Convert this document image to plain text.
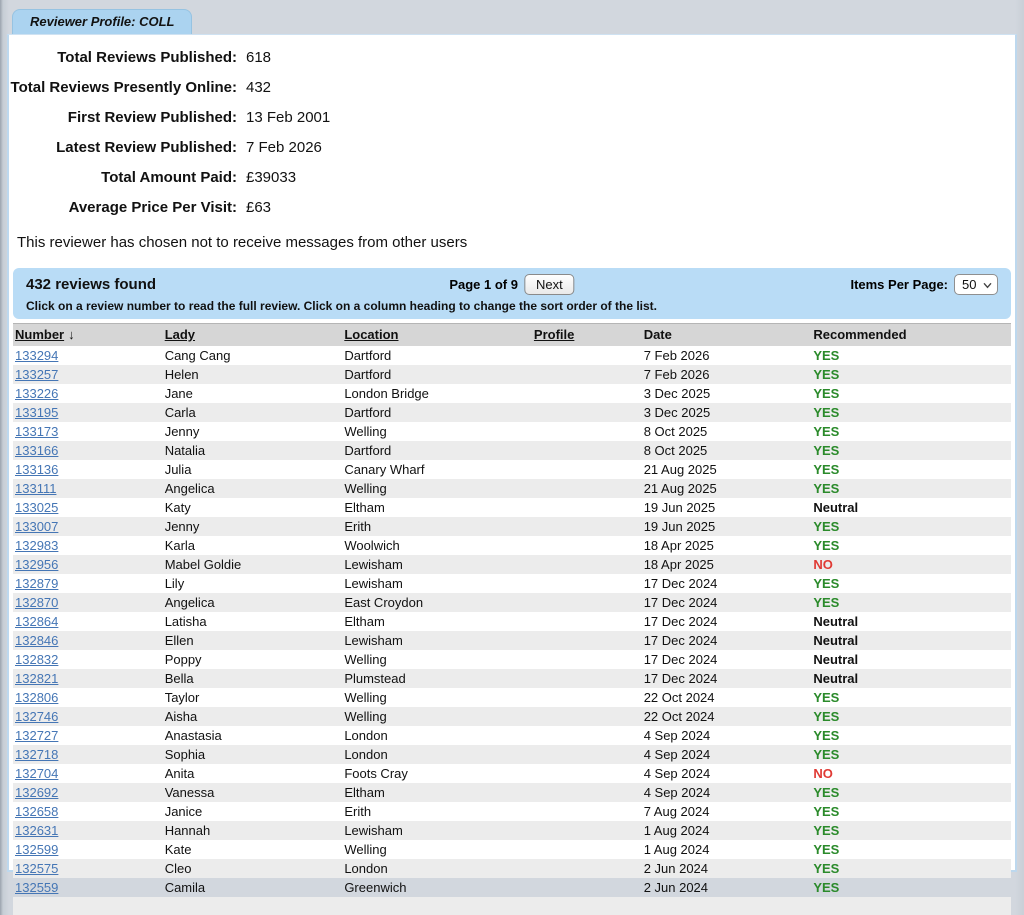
Reviewer Profile: COLL
Total Reviews Published: 618
Total Reviews Presently Online: 432
First Review Published: 13 Feb 2001
Latest Review Published: 7 Feb 2026
Total Amount Paid: £39033
Average Price Per Visit: £63
This reviewer has chosen not to receive messages from other users
432 reviews found	Page 1 of 9	Next	Items Per Page:
50
Click on a review number to read the full review. Click on a column heading to change the sort order of the list.
Number ↓	Lady	Location	Profile	Date	Recommended
133294	Cang Cang	Dartford		7 Feb 2026	YES
133257	Helen	Dartford		7 Feb 2026	YES
133226	Jane	London Bridge		3 Dec 2025	YES
133195	Carla	Dartford		3 Dec 2025	YES
133173	Jenny	Welling		8 Oct 2025	YES
133166	Natalia	Dartford		8 Oct 2025	YES
133136	Julia	Canary Wharf		21 Aug 2025	YES
133111	Angelica	Welling		21 Aug 2025	YES
133025	Katy	Eltham		19 Jun 2025	Neutral
133007	Jenny	Erith		19 Jun 2025	YES
132983	Karla	Woolwich		18 Apr 2025	YES
132956	Mabel Goldie	Lewisham		18 Apr 2025	NO
132879	Lily	Lewisham		17 Dec 2024	YES
132870	Angelica	East Croydon		17 Dec 2024	YES
132864	Latisha	Eltham		17 Dec 2024	Neutral
132846	Ellen	Lewisham		17 Dec 2024	Neutral
132832	Poppy	Welling		17 Dec 2024	Neutral
132821	Bella	Plumstead		17 Dec 2024	Neutral
132806	Taylor	Welling		22 Oct 2024	YES
132746	Aisha	Welling		22 Oct 2024	YES
132727	Anastasia	London		4 Sep 2024	YES
132718	Sophia	London		4 Sep 2024	YES
132704	Anita	Foots Cray		4 Sep 2024	NO
132692	Vanessa	Eltham		4 Sep 2024	YES
132658	Janice	Erith		7 Aug 2024	YES
132631	Hannah	Lewisham		1 Aug 2024	YES
132599	Kate	Welling		1 Aug 2024	YES
132575	Cleo	London		2 Jun 2024	YES
132559	Camila	Greenwich		2 Jun 2024	YES
